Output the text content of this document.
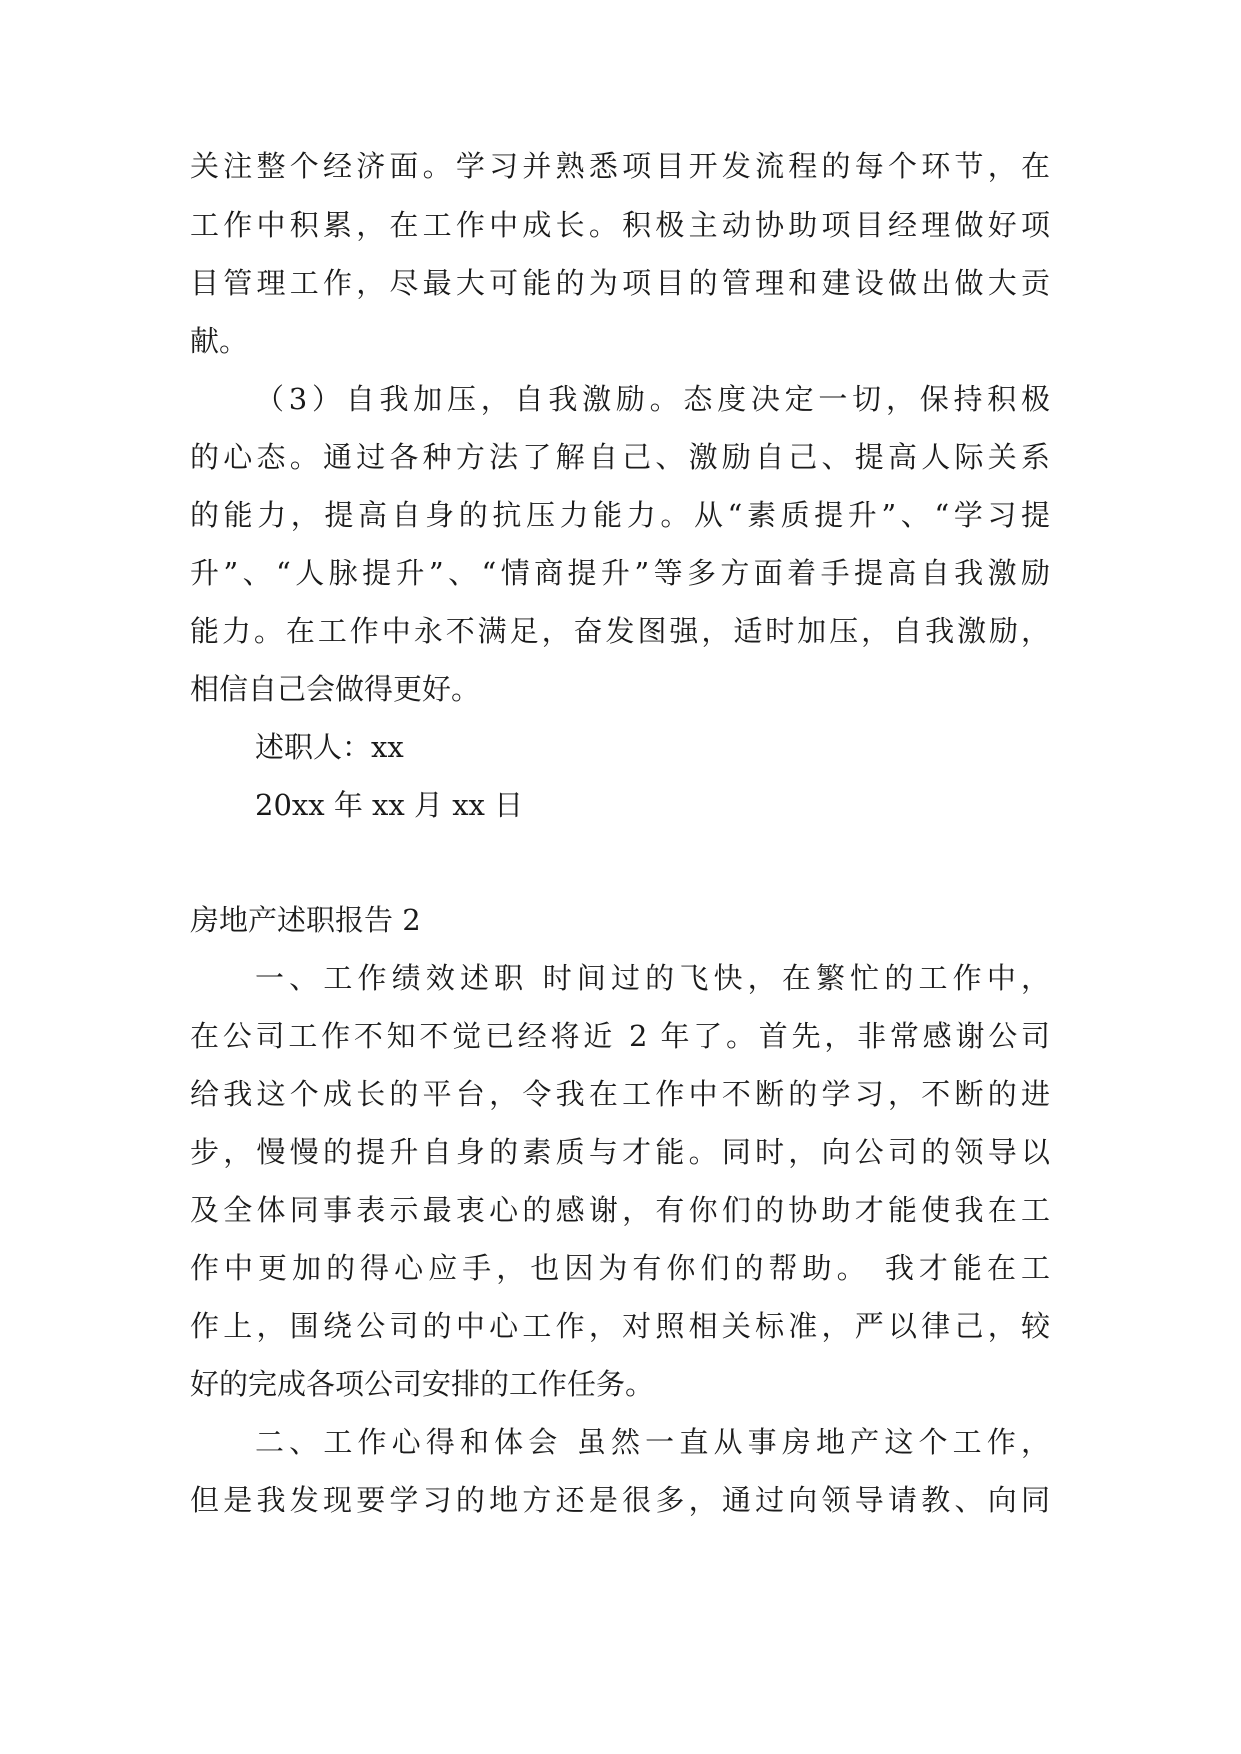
关注整个经济面。学习并熟悉项目开发流程的每个环节，在
工作中积累，在工作中成长。积极主动协助项目经理做好项
目管理工作，尽最大可能的为项目的管理和建设做出做大贡
献。
（3）自我加压，自我激励。态度决定一切，保持积极
的心态。通过各种方法了解自己、激励自己、提高人际关系
的能力，提高自身的抗压力能力。从“素质提升”、“学习提
升”、“人脉提升”、“情商提升”等多方面着手提高自我激励
能力。在工作中永不满足，奋发图强，适时加压，自我激励，
相信自己会做得更好。
述职人：xx
20xx 年 xx 月 xx 日
房地产述职报告 2
一、工作绩效述职 时间过的飞快，在繁忙的工作中，
在公司工作不知不觉已经将近 2 年了。首先，非常感谢公司
给我这个成长的平台，令我在工作中不断的学习，不断的进
步，慢慢的提升自身的素质与才能。同时，向公司的领导以
及全体同事表示最衷心的感谢，有你们的协助才能使我在工
作中更加的得心应手，也因为有你们的帮助。 我才能在工
作上，围绕公司的中心工作，对照相关标准，严以律己，较
好的完成各项公司安排的工作任务。
二、工作心得和体会 虽然一直从事房地产这个工作，
但是我发现要学习的地方还是很多，通过向领导请教、向同
